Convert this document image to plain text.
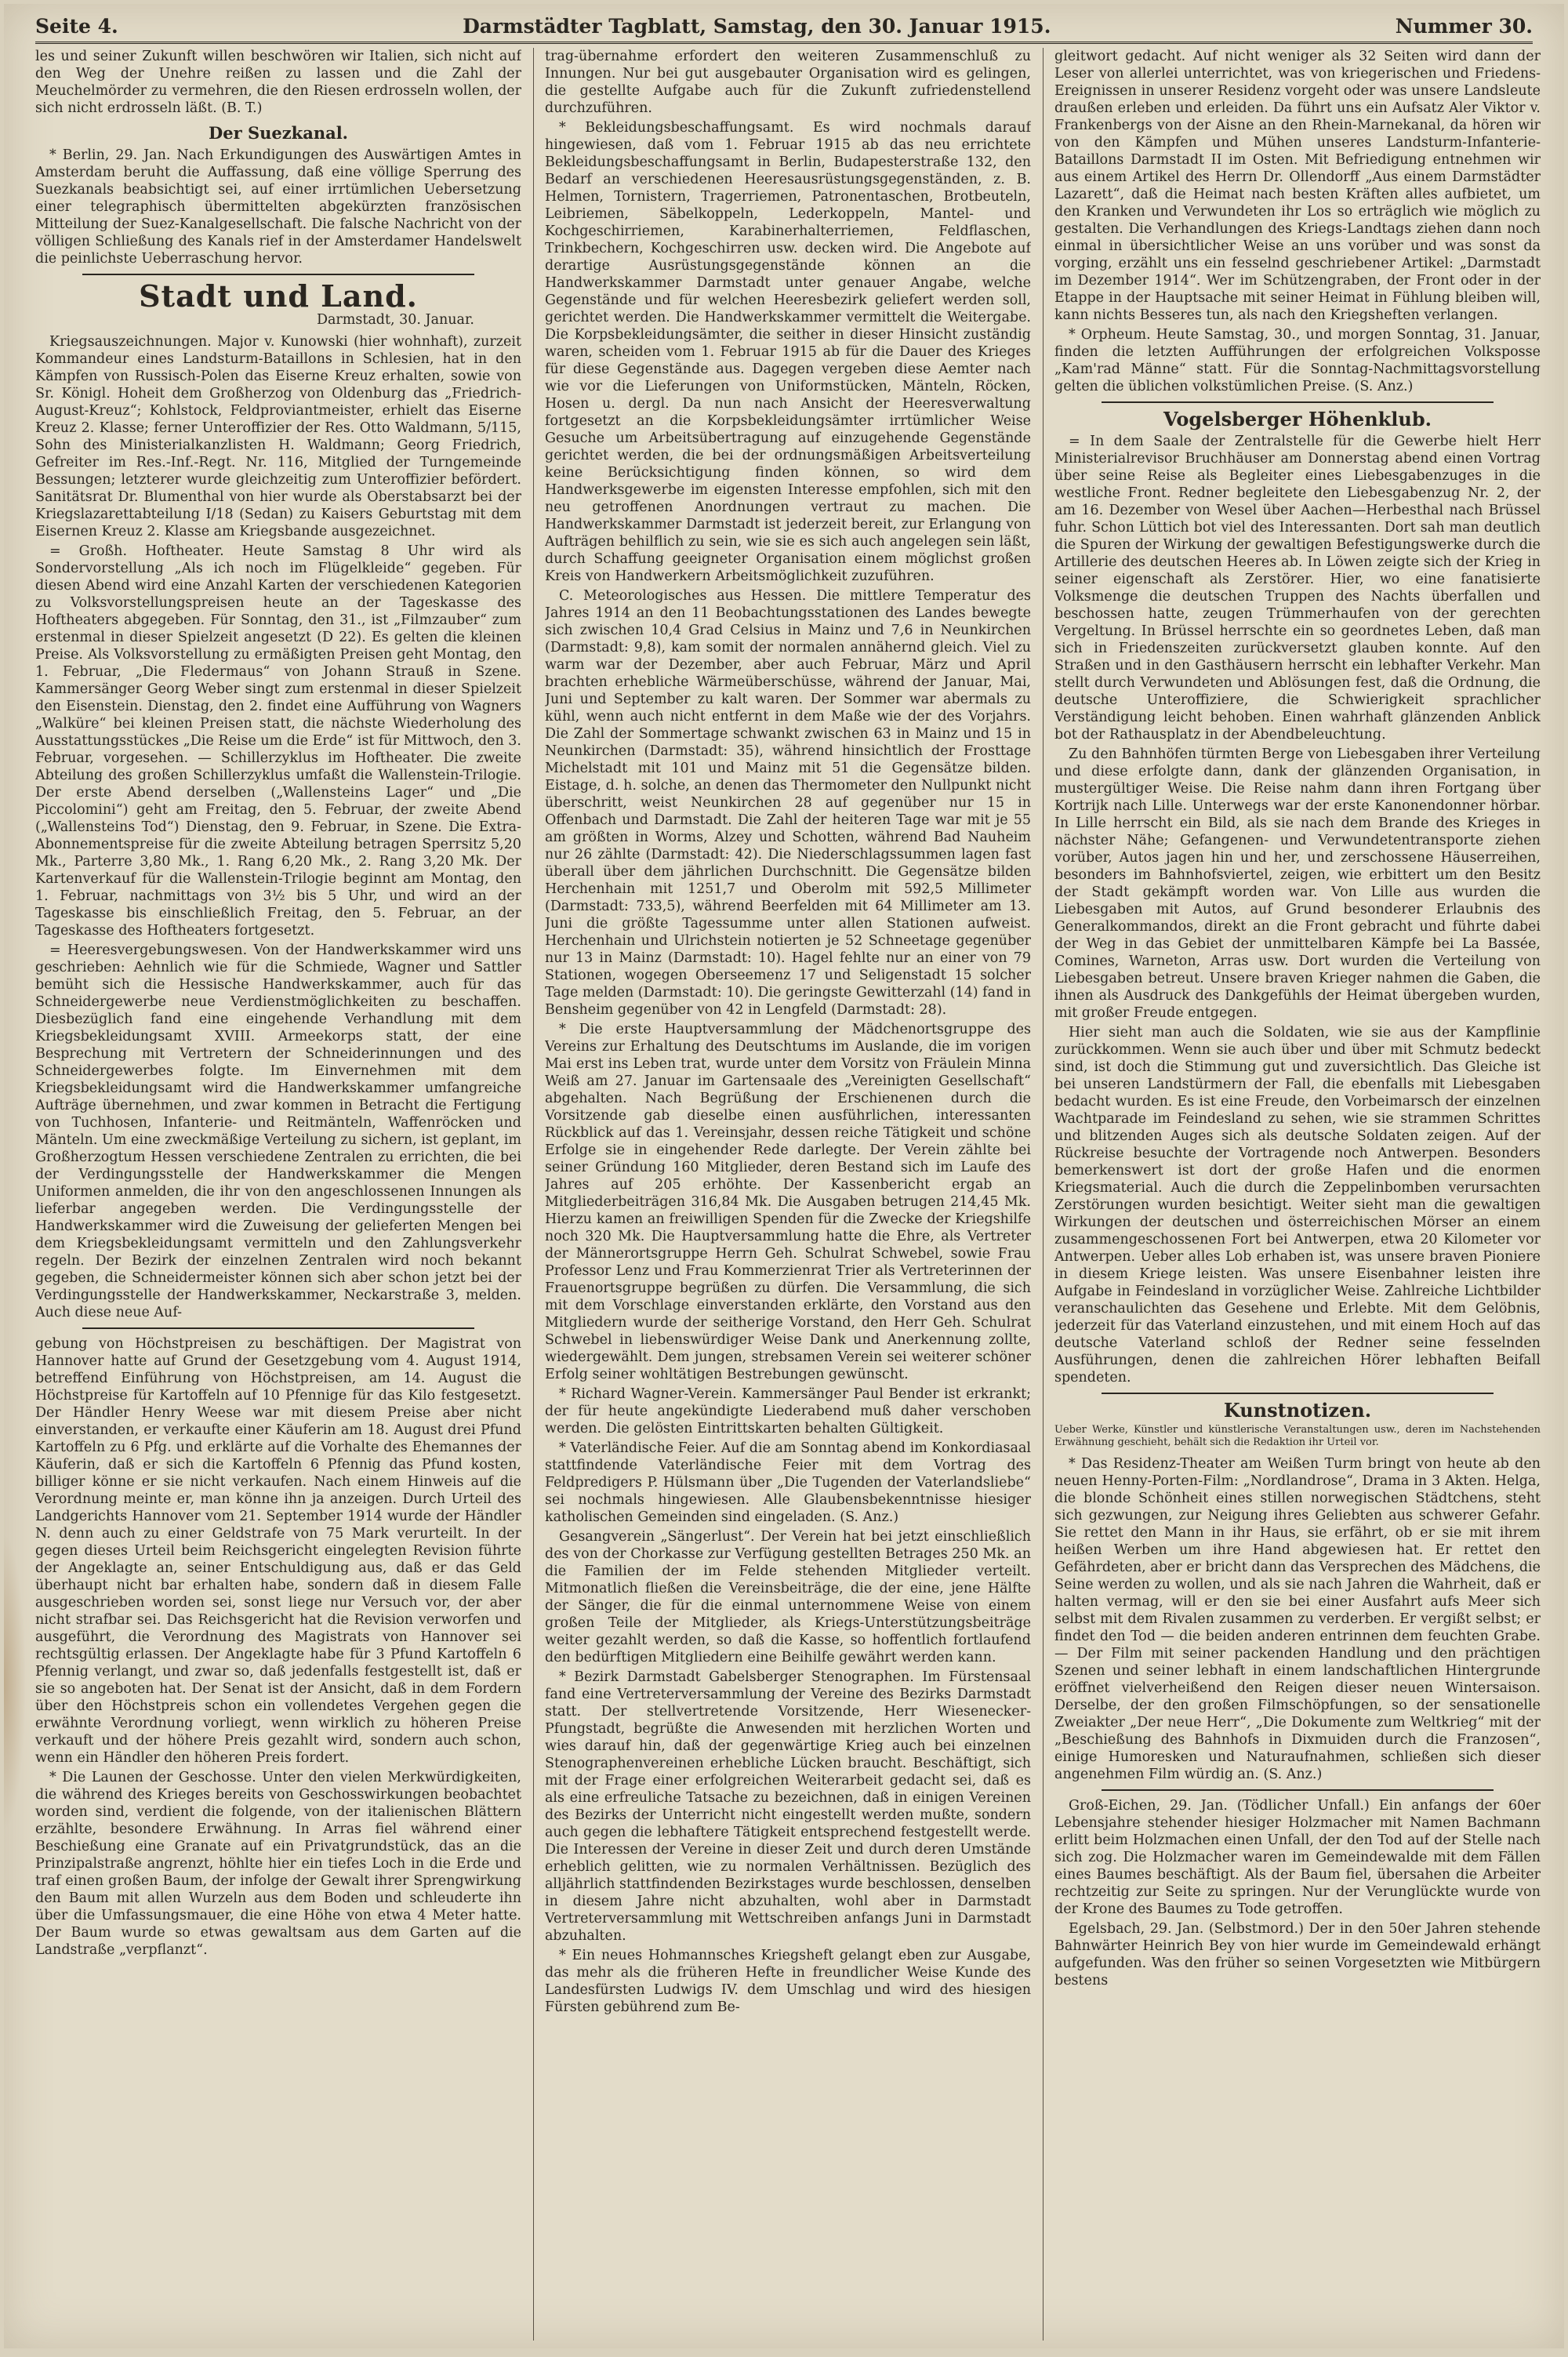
Seite 4.	Darmstädter Tagblatt, Samstag, den 30. Januar 1915.	Nummer 30.

les und seiner Zukunft willen beschwören wir Italien, sich nicht auf den Weg der Unehre reißen zu lassen und die Zahl der Meuchelmörder zu vermehren, die den Riesen erdrosseln wollen, der sich nicht erdrosseln läßt. (B. T.)

Der Suezkanal.

* Berlin, 29. Jan. Nach Erkundigungen des Auswärtigen Amtes in Amsterdam beruht die Auffassung, daß eine völlige Sperrung des Suezkanals beabsichtigt sei, auf einer irrtümlichen Uebersetzung einer telegraphisch übermittelten abgekürzten französischen Mitteilung der Suez-Kanalgesellschaft. Die falsche Nachricht von der völligen Schließung des Kanals rief in der Amsterdamer Handelswelt die peinlichste Ueberraschung hervor.

Stadt und Land.
Darmstadt, 30. Januar.

Kriegsauszeichnungen. Major v. Kunowski (hier wohnhaft), zurzeit Kommandeur eines Landsturm-Bataillons in Schlesien, hat in den Kämpfen von Russisch-Polen das Eiserne Kreuz erhalten, sowie von Sr. Königl. Hoheit dem Großherzog von Oldenburg das „Friedrich-August-Kreuz“; Kohlstock, Feldproviantmeister, erhielt das Eiserne Kreuz 2. Klasse; ferner Unteroffizier der Res. Otto Waldmann, 5/115, Sohn des Ministerialkanzlisten H. Waldmann; Georg Friedrich, Gefreiter im Res.-Inf.-Regt. Nr. 116, Mitglied der Turngemeinde Bessungen; letzterer wurde gleichzeitig zum Unteroffizier befördert. Sanitätsrat Dr. Blumenthal von hier wurde als Oberstabsarzt bei der Kriegslazarettabteilung I/18 (Sedan) zu Kaisers Geburtstag mit dem Eisernen Kreuz 2. Klasse am Kriegsbande ausgezeichnet.

= Großh. Hoftheater. Heute Samstag 8 Uhr wird als Sondervorstellung „Als ich noch im Flügelkleide“ gegeben. Für diesen Abend wird eine Anzahl Karten der verschiedenen Kategorien zu Volksvorstellungspreisen heute an der Tageskasse des Hoftheaters abgegeben. Für Sonntag, den 31., ist „Filmzauber“ zum erstenmal in dieser Spielzeit angesetzt (D 22). Es gelten die kleinen Preise. Als Volksvorstellung zu ermäßigten Preisen geht Montag, den 1. Februar, „Die Fledermaus“ von Johann Strauß in Szene. Kammersänger Georg Weber singt zum erstenmal in dieser Spielzeit den Eisenstein. Dienstag, den 2. findet eine Aufführung von Wagners „Walküre“ bei kleinen Preisen statt, die nächste Wiederholung des Ausstattungsstückes „Die Reise um die Erde“ ist für Mittwoch, den 3. Februar, vorgesehen. — Schillerzyklus im Hoftheater. Die zweite Abteilung des großen Schillerzyklus umfaßt die Wallenstein-Trilogie. Der erste Abend derselben („Wallensteins Lager“ und „Die Piccolomini“) geht am Freitag, den 5. Februar, der zweite Abend („Wallensteins Tod“) Dienstag, den 9. Februar, in Szene. Die Extra-Abonnementspreise für die zweite Abteilung betragen Sperrsitz 5,20 Mk., Parterre 3,80 Mk., 1. Rang 6,20 Mk., 2. Rang 3,20 Mk. Der Kartenverkauf für die Wallenstein-Trilogie beginnt am Montag, den 1. Februar, nachmittags von 3½ bis 5 Uhr, und wird an der Tageskasse bis einschließlich Freitag, den 5. Februar, an der Tageskasse des Hoftheaters fortgesetzt.

= Heeresvergebungswesen. Von der Handwerkskammer wird uns geschrieben: Aehnlich wie für die Schmiede, Wagner und Sattler bemüht sich die Hessische Handwerkskammer, auch für das Schneidergewerbe neue Verdienstmöglichkeiten zu beschaffen. Diesbezüglich fand eine eingehende Verhandlung mit dem Kriegsbekleidungsamt XVIII. Armeekorps statt, der eine Besprechung mit Vertretern der Schneiderinnungen und des Schneidergewerbes folgte. Im Einvernehmen mit dem Kriegsbekleidungsamt wird die Handwerkskammer umfangreiche Aufträge übernehmen, und zwar kommen in Betracht die Fertigung von Tuchhosen, Infanterie- und Reitmänteln, Waffenröcken und Mänteln. Um eine zweckmäßige Verteilung zu sichern, ist geplant, im Großherzogtum Hessen verschiedene Zentralen zu errichten, die bei der Verdingungsstelle der Handwerkskammer die Mengen Uniformen anmelden, die ihr von den angeschlossenen Innungen als lieferbar angegeben werden. Die Verdingungsstelle der Handwerkskammer wird die Zuweisung der gelieferten Mengen bei dem Kriegsbekleidungsamt vermitteln und den Zahlungsverkehr regeln. Der Bezirk der einzelnen Zentralen wird noch bekannt gegeben, die Schneidermeister können sich aber schon jetzt bei der Verdingungsstelle der Handwerkskammer, Neckarstraße 3, melden. Auch diese neue Auf-

gebung von Höchstpreisen zu beschäftigen. Der Magistrat von Hannover hatte auf Grund der Gesetzgebung vom 4. August 1914, betreffend Einführung von Höchstpreisen, am 14. August die Höchstpreise für Kartoffeln auf 10 Pfennige für das Kilo festgesetzt. Der Händler Henry Weese war mit diesem Preise aber nicht einverstanden, er verkaufte einer Käuferin am 18. August drei Pfund Kartoffeln zu 6 Pfg. und erklärte auf die Vorhalte des Ehemannes der Käuferin, daß er sich die Kartoffeln 6 Pfennig das Pfund kosten, billiger könne er sie nicht verkaufen. Nach einem Hinweis auf die Verordnung meinte er, man könne ihn ja anzeigen. Durch Urteil des Landgerichts Hannover vom 21. September 1914 wurde der Händler N. denn auch zu einer Geldstrafe von 75 Mark verurteilt. In der gegen dieses Urteil beim Reichsgericht eingelegten Revision führte der Angeklagte an, seiner Entschuldigung aus, daß er das Geld überhaupt nicht bar erhalten habe, sondern daß in diesem Falle ausgeschrieben worden sei, sonst liege nur Versuch vor, der aber nicht strafbar sei. Das Reichsgericht hat die Revision verworfen und ausgeführt, die Verordnung des Magistrats von Hannover sei rechtsgültig erlassen. Der Angeklagte habe für 3 Pfund Kartoffeln 6 Pfennig verlangt, und zwar so, daß jedenfalls festgestellt ist, daß er sie so angeboten hat. Der Senat ist der Ansicht, daß in dem Fordern über den Höchstpreis schon ein vollendetes Vergehen gegen die erwähnte Verordnung vorliegt, wenn wirklich zu höheren Preise verkauft und der höhere Preis gezahlt wird, sondern auch schon, wenn ein Händler den höheren Preis fordert.

* Die Launen der Geschosse. Unter den vielen Merkwürdigkeiten, die während des Krieges bereits von Geschosswirkungen beobachtet worden sind, verdient die folgende, von der italienischen Blättern erzählte, besondere Erwähnung. In Arras fiel während einer Beschießung eine Granate auf ein Privatgrundstück, das an die Prinzipalstraße angrenzt, höhlte hier ein tiefes Loch in die Erde und traf einen großen Baum, der infolge der Gewalt ihrer Sprengwirkung den Baum mit allen Wurzeln aus dem Boden und schleuderte ihn über die Umfassungsmauer, die eine Höhe von etwa 4 Meter hatte. Der Baum wurde so etwas gewaltsam aus dem Garten auf die Landstraße „verpflanzt“.

trag-übernahme erfordert den weiteren Zusammenschluß zu Innungen. Nur bei gut ausgebauter Organisation wird es gelingen, die gestellte Aufgabe auch für die Zukunft zufriedenstellend durchzuführen.

* Bekleidungsbeschaffungsamt. Es wird nochmals darauf hingewiesen, daß vom 1. Februar 1915 ab das neu errichtete Bekleidungsbeschaffungsamt in Berlin, Budapesterstraße 132, den Bedarf an verschiedenen Heeresausrüstungsgegenständen, z. B. Helmen, Tornistern, Tragerriemen, Patronentaschen, Brotbeuteln, Leibriemen, Säbelkoppeln, Lederkoppeln, Mantel- und Kochgeschirriemen, Karabinerhalterriemen, Feldflaschen, Trinkbechern, Kochgeschirren usw. decken wird. Die Angebote auf derartige Ausrüstungsgegenstände können an die Handwerkskammer Darmstadt unter genauer Angabe, welche Gegenstände und für welchen Heeresbezirk geliefert werden soll, gerichtet werden. Die Handwerkskammer vermittelt die Weitergabe. Die Korpsbekleidungsämter, die seither in dieser Hinsicht zuständig waren, scheiden vom 1. Februar 1915 ab für die Dauer des Krieges für diese Gegenstände aus. Dagegen vergeben diese Aemter nach wie vor die Lieferungen von Uniformstücken, Mänteln, Röcken, Hosen u. dergl. Da nun nach Ansicht der Heeresverwaltung fortgesetzt an die Korpsbekleidungsämter irrtümlicher Weise Gesuche um Arbeitsübertragung auf einzugehende Gegenstände gerichtet werden, die bei der ordnungsmäßigen Arbeitsverteilung keine Berücksichtigung finden können, so wird dem Handwerksgewerbe im eigensten Interesse empfohlen, sich mit den neu getroffenen Anordnungen vertraut zu machen. Die Handwerkskammer Darmstadt ist jederzeit bereit, zur Erlangung von Aufträgen behilflich zu sein, wie sie es sich auch angelegen sein läßt, durch Schaffung geeigneter Organisation einem möglichst großen Kreis von Handwerkern Arbeitsmöglichkeit zuzuführen.

C. Meteorologisches aus Hessen. Die mittlere Temperatur des Jahres 1914 an den 11 Beobachtungsstationen des Landes bewegte sich zwischen 10,4 Grad Celsius in Mainz und 7,6 in Neunkirchen (Darmstadt: 9,8), kam somit der normalen annähernd gleich. Viel zu warm war der Dezember, aber auch Februar, März und April brachten erhebliche Wärmeüberschüsse, während der Januar, Mai, Juni und September zu kalt waren. Der Sommer war abermals zu kühl, wenn auch nicht entfernt in dem Maße wie der des Vorjahrs. Die Zahl der Sommertage schwankt zwischen 63 in Mainz und 15 in Neunkirchen (Darmstadt: 35), während hinsichtlich der Frosttage Michelstadt mit 101 und Mainz mit 51 die Gegensätze bilden. Eistage, d. h. solche, an denen das Thermometer den Nullpunkt nicht überschritt, weist Neunkirchen 28 auf gegenüber nur 15 in Offenbach und Darmstadt. Die Zahl der heiteren Tage war mit je 55 am größten in Worms, Alzey und Schotten, während Bad Nauheim nur 26 zählte (Darmstadt: 42). Die Niederschlagssummen lagen fast überall über dem jährlichen Durchschnitt. Die Gegensätze bilden Herchenhain mit 1251,7 und Oberolm mit 592,5 Millimeter (Darmstadt: 733,5), während Beerfelden mit 64 Millimeter am 13. Juni die größte Tagessumme unter allen Stationen aufweist. Herchenhain und Ulrichstein notierten je 52 Schneetage gegenüber nur 13 in Mainz (Darmstadt: 10). Hagel fehlte nur an einer von 79 Stationen, wogegen Oberseemenz 17 und Seligenstadt 15 solcher Tage melden (Darmstadt: 10). Die geringste Gewitterzahl (14) fand in Bensheim gegenüber von 42 in Lengfeld (Darmstadt: 28).

* Die erste Hauptversammlung der Mädchenortsgruppe des Vereins zur Erhaltung des Deutschtums im Auslande, die im vorigen Mai erst ins Leben trat, wurde unter dem Vorsitz von Fräulein Minna Weiß am 27. Januar im Gartensaale des „Vereinigten Gesellschaft“ abgehalten. Nach Begrüßung der Erschienenen durch die Vorsitzende gab dieselbe einen ausführlichen, interessanten Rückblick auf das 1. Vereinsjahr, dessen reiche Tätigkeit und schöne Erfolge sie in eingehender Rede darlegte. Der Verein zählte bei seiner Gründung 160 Mitglieder, deren Bestand sich im Laufe des Jahres auf 205 erhöhte. Der Kassenbericht ergab an Mitgliederbeiträgen 316,84 Mk. Die Ausgaben betrugen 214,45 Mk. Hierzu kamen an freiwilligen Spenden für die Zwecke der Kriegshilfe noch 320 Mk. Die Hauptversammlung hatte die Ehre, als Vertreter der Männerortsgruppe Herrn Geh. Schulrat Schwebel, sowie Frau Professor Lenz und Frau Kommerzienrat Trier als Vertreterinnen der Frauenortsgruppe begrüßen zu dürfen. Die Versammlung, die sich mit dem Vorschlage einverstanden erklärte, den Vorstand aus den Mitgliedern wurde der seitherige Vorstand, den Herr Geh. Schulrat Schwebel in liebenswürdiger Weise Dank und Anerkennung zollte, wiedergewählt. Dem jungen, strebsamen Verein sei weiterer schöner Erfolg seiner wohltätigen Bestrebungen gewünscht.

* Richard Wagner-Verein. Kammersänger Paul Bender ist erkrankt; der für heute angekündigte Liederabend muß daher verschoben werden. Die gelösten Eintrittskarten behalten Gültigkeit.

* Vaterländische Feier. Auf die am Sonntag abend im Konkordiasaal stattfindende Vaterländische Feier mit dem Vortrag des Feldpredigers P. Hülsmann über „Die Tugenden der Vaterlandsliebe“ sei nochmals hingewiesen. Alle Glaubensbekenntnisse hiesiger katholischen Gemeinden sind eingeladen. (S. Anz.)

Gesangverein „Sängerlust“. Der Verein hat bei jetzt einschließlich des von der Chorkasse zur Verfügung gestellten Betrages 250 Mk. an die Familien der im Felde stehenden Mitglieder verteilt. Mitmonatlich fließen die Vereinsbeiträge, die der eine, jene Hälfte der Sänger, die für die einmal unternommene Weise von einem großen Teile der Mitglieder, als Kriegs-Unterstützungsbeiträge weiter gezahlt werden, so daß die Kasse, so hoffentlich fortlaufend den bedürftigen Mitgliedern eine Beihilfe gewährt werden kann.

* Bezirk Darmstadt Gabelsberger Stenographen. Im Fürstensaal fand eine Vertreterversammlung der Vereine des Bezirks Darmstadt statt. Der stellvertretende Vorsitzende, Herr Wiesenecker-Pfungstadt, begrüßte die Anwesenden mit herzlichen Worten und wies darauf hin, daß der gegenwärtige Krieg auch bei einzelnen Stenographenvereinen erhebliche Lücken braucht. Beschäftigt, sich mit der Frage einer erfolgreichen Weiterarbeit gedacht sei, daß es als eine erfreuliche Tatsache zu bezeichnen, daß in einigen Vereinen des Bezirks der Unterricht nicht eingestellt werden mußte, sondern auch gegen die lebhaftere Tätigkeit entsprechend festgestellt werde. Die Interessen der Vereine in dieser Zeit und durch deren Umstände erheblich gelitten, wie zu normalen Verhältnissen. Bezüglich des alljährlich stattfindenden Bezirkstages wurde beschlossen, denselben in diesem Jahre nicht abzuhalten, wohl aber in Darmstadt Vertreterversammlung mit Wettschreiben anfangs Juni in Darmstadt abzuhalten.

* Ein neues Hohmannsches Kriegsheft gelangt eben zur Ausgabe, das mehr als die früheren Hefte in freundlicher Weise Kunde des Landesfürsten Ludwigs IV. dem Umschlag und wird des hiesigen Fürsten gebührend zum Be-

gleitwort gedacht. Auf nicht weniger als 32 Seiten wird dann der Leser von allerlei unterrichtet, was von kriegerischen und Friedens-Ereignissen in unserer Residenz vorgeht oder was unsere Landsleute draußen erleben und erleiden. Da führt uns ein Aufsatz Aler Viktor v. Frankenbergs von der Aisne an den Rhein-Marnekanal, da hören wir von den Kämpfen und Mühen unseres Landsturm-Infanterie-Bataillons Darmstadt II im Osten. Mit Befriedigung entnehmen wir aus einem Artikel des Herrn Dr. Ollendorff „Aus einem Darmstädter Lazarett“, daß die Heimat nach besten Kräften alles aufbietet, um den Kranken und Verwundeten ihr Los so erträglich wie möglich zu gestalten. Die Verhandlungen des Kriegs-Landtags ziehen dann noch einmal in übersichtlicher Weise an uns vorüber und was sonst da vorging, erzählt uns ein fesselnd geschriebener Artikel: „Darmstadt im Dezember 1914“. Wer im Schützengraben, der Front oder in der Etappe in der Hauptsache mit seiner Heimat in Fühlung bleiben will, kann nichts Besseres tun, als nach den Kriegsheften verlangen.

* Orpheum. Heute Samstag, 30., und morgen Sonntag, 31. Januar, finden die letzten Aufführungen der erfolgreichen Volksposse „Kam'rad Männe“ statt. Für die Sonntag-Nachmittagsvorstellung gelten die üblichen volkstümlichen Preise. (S. Anz.)

Vogelsberger Höhenklub.

= In dem Saale der Zentralstelle für die Gewerbe hielt Herr Ministerialrevisor Bruchhäuser am Donnerstag abend einen Vortrag über seine Reise als Begleiter eines Liebesgabenzuges in die westliche Front. Redner begleitete den Liebesgabenzug Nr. 2, der am 16. Dezember von Wesel über Aachen—Herbesthal nach Brüssel fuhr. Schon Lüttich bot viel des Interessanten. Dort sah man deutlich die Spuren der Wirkung der gewaltigen Befestigungswerke durch die Artillerie des deutschen Heeres ab. In Löwen zeigte sich der Krieg in seiner eigenschaft als Zerstörer. Hier, wo eine fanatisierte Volksmenge die deutschen Truppen des Nachts überfallen und beschossen hatte, zeugen Trümmerhaufen von der gerechten Vergeltung. In Brüssel herrschte ein so geordnetes Leben, daß man sich in Friedenszeiten zurückversetzt glauben konnte. Auf den Straßen und in den Gasthäusern herrscht ein lebhafter Verkehr. Man stellt durch Verwundeten und Ablösungen fest, daß die Ordnung, die deutsche Unteroffiziere, die Schwierigkeit sprachlicher Verständigung leicht behoben. Einen wahrhaft glänzenden Anblick bot der Rathausplatz in der Abendbeleuchtung.

Zu den Bahnhöfen türmten Berge von Liebesgaben ihrer Verteilung und diese erfolgte dann, dank der glänzenden Organisation, in mustergültiger Weise. Die Reise nahm dann ihren Fortgang über Kortrijk nach Lille. Unterwegs war der erste Kanonendonner hörbar. In Lille herrscht ein Bild, als sie nach dem Brande des Krieges in nächster Nähe; Gefangenen- und Verwundetentransporte ziehen vorüber, Autos jagen hin und her, und zerschossene Häuserreihen, besonders im Bahnhofsviertel, zeigen, wie erbittert um den Besitz der Stadt gekämpft worden war. Von Lille aus wurden die Liebesgaben mit Autos, auf Grund besonderer Erlaubnis des Generalkommandos, direkt an die Front gebracht und führte dabei der Weg in das Gebiet der unmittelbaren Kämpfe bei La Bassée, Comines, Warneton, Arras usw. Dort wurden die Verteilung von Liebesgaben betreut. Unsere braven Krieger nahmen die Gaben, die ihnen als Ausdruck des Dankgefühls der Heimat übergeben wurden, mit großer Freude entgegen.

Hier sieht man auch die Soldaten, wie sie aus der Kampflinie zurückkommen. Wenn sie auch über und über mit Schmutz bedeckt sind, ist doch die Stimmung gut und zuversichtlich. Das Gleiche ist bei unseren Landstürmern der Fall, die ebenfalls mit Liebesgaben bedacht wurden. Es ist eine Freude, den Vorbeimarsch der einzelnen Wachtparade im Feindesland zu sehen, wie sie strammen Schrittes und blitzenden Auges sich als deutsche Soldaten zeigen. Auf der Rückreise besuchte der Vortragende noch Antwerpen. Besonders bemerkenswert ist dort der große Hafen und die enormen Kriegsmaterial. Auch die durch die Zeppelinbomben verursachten Zerstörungen wurden besichtigt. Weiter sieht man die gewaltigen Wirkungen der deutschen und österreichischen Mörser an einem zusammengeschossenen Fort bei Antwerpen, etwa 20 Kilometer vor Antwerpen. Ueber alles Lob erhaben ist, was unsere braven Pioniere in diesem Kriege leisten. Was unsere Eisenbahner leisten ihre Aufgabe in Feindesland in vorzüglicher Weise. Zahlreiche Lichtbilder veranschaulichten das Gesehene und Erlebte. Mit dem Gelöbnis, jederzeit für das Vaterland einzustehen, und mit einem Hoch auf das deutsche Vaterland schloß der Redner seine fesselnden Ausführungen, denen die zahlreichen Hörer lebhaften Beifall spendeten.

Kunstnotizen.
Ueber Werke, Künstler und künstlerische Veranstaltungen usw., deren im Nachstehenden Erwähnung geschieht, behält sich die Redaktion ihr Urteil vor.

* Das Residenz-Theater am Weißen Turm bringt von heute ab den neuen Henny-Porten-Film: „Nordlandrose“, Drama in 3 Akten. Helga, die blonde Schönheit eines stillen norwegischen Städtchens, steht sich gezwungen, zur Neigung ihres Geliebten aus schwerer Gefahr. Sie rettet den Mann in ihr Haus, sie erfährt, ob er sie mit ihrem heißen Werben um ihre Hand abgewiesen hat. Er rettet den Gefährdeten, aber er bricht dann das Versprechen des Mädchens, die Seine werden zu wollen, und als sie nach Jahren die Wahrheit, daß er halten vermag, will er den sie bei einer Ausfahrt aufs Meer sich selbst mit dem Rivalen zusammen zu verderben. Er vergißt selbst; er findet den Tod — die beiden anderen entrinnen dem feuchten Grabe. — Der Film mit seiner packenden Handlung und den prächtigen Szenen und seiner lebhaft in einem landschaftlichen Hintergrunde eröffnet vielverheißend den Reigen dieser neuen Wintersaison. Derselbe, der den großen Filmschöpfungen, so der sensationelle Zweiakter „Der neue Herr“, „Die Dokumente zum Weltkrieg“ mit der „Beschießung des Bahnhofs in Dixmuiden durch die Franzosen“, einige Humoresken und Naturaufnahmen, schließen sich dieser angenehmen Film würdig an. (S. Anz.)

Groß-Eichen, 29. Jan. (Tödlicher Unfall.) Ein anfangs der 60er Lebensjahre stehender hiesiger Holzmacher mit Namen Bachmann erlitt beim Holzmachen einen Unfall, der den Tod auf der Stelle nach sich zog. Die Holzmacher waren im Gemeindewalde mit dem Fällen eines Baumes beschäftigt. Als der Baum fiel, übersahen die Arbeiter rechtzeitig zur Seite zu springen. Nur der Verunglückte wurde von der Krone des Baumes zu Tode getroffen.

Egelsbach, 29. Jan. (Selbstmord.) Der in den 50er Jahren stehende Bahnwärter Heinrich Bey von hier wurde im Gemeindewald erhängt aufgefunden. Was den früher so seinen Vorgesetzten wie Mitbürgern bestens
